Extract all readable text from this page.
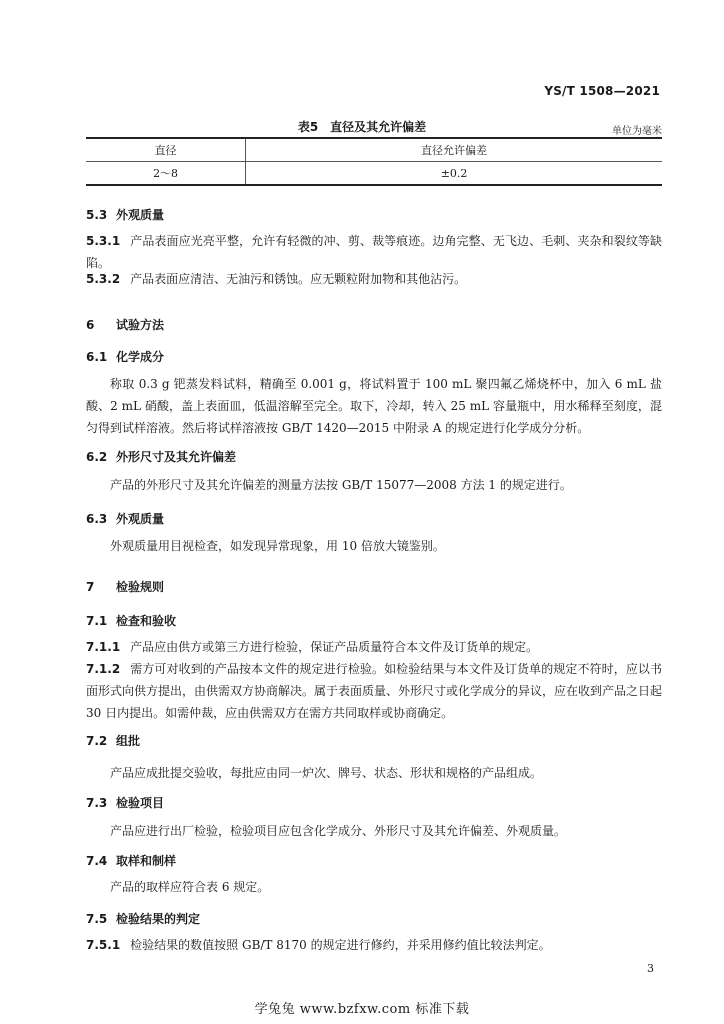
YS/T 1508—2021
表5　直径及其允许偏差	单位为毫米
直径	直径允许偏差
2～8	±0.2
5.3 外观质量
5.3.1 产品表面应光亮平整，允许有轻微的冲、剪、裁等痕迹。边角完整、无飞边、毛刺、夹杂和裂纹等缺陷。
5.3.2 产品表面应清洁、无油污和锈蚀。应无颗粒附加物和其他沾污。
6 试验方法
6.1 化学成分
称取 0.3 g 钯蒸发料试料，精确至 0.001 g，将试料置于 100 mL 聚四氟乙烯烧杯中，加入 6 mL 盐酸、2 mL 硝酸，盖上表面皿，低温溶解至完全。取下，冷却，转入 25 mL 容量瓶中，用水稀释至刻度，混匀得到试样溶液。然后将试样溶液按 GB/T 1420—2015 中附录 A 的规定进行化学成分分析。
6.2 外形尺寸及其允许偏差
产品的外形尺寸及其允许偏差的测量方法按 GB/T 15077—2008 方法 1 的规定进行。
6.3 外观质量
外观质量用目视检查，如发现异常现象，用 10 倍放大镜鉴别。
7 检验规则
7.1 检查和验收
7.1.1 产品应由供方或第三方进行检验，保证产品质量符合本文件及订货单的规定。
7.1.2 需方可对收到的产品按本文件的规定进行检验。如检验结果与本文件及订货单的规定不符时，应以书面形式向供方提出，由供需双方协商解决。属于表面质量、外形尺寸或化学成分的异议，应在收到产品之日起 30 日内提出。如需仲裁，应由供需双方在需方共同取样或协商确定。
7.2 组批
产品应成批提交验收，每批应由同一炉次、牌号、状态、形状和规格的产品组成。
7.3 检验项目
产品应进行出厂检验，检验项目应包含化学成分、外形尺寸及其允许偏差、外观质量。
7.4 取样和制样
产品的取样应符合表 6 规定。
7.5 检验结果的判定
7.5.1 检验结果的数值按照 GB/T 8170 的规定进行修约，并采用修约值比较法判定。
3
学兔兔 www.bzfxw.com 标准下载
